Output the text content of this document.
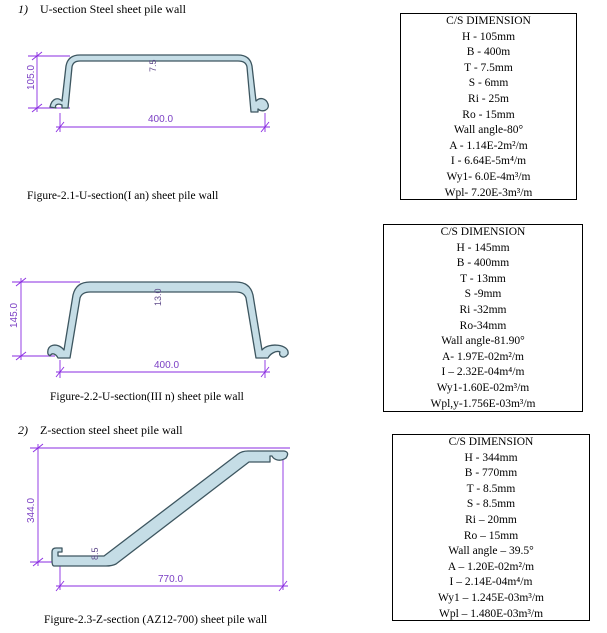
1) U-section Steel sheet pile wall
105.0
400.0
7.5
145.0
400.0
13.0
344.0
770.0
8.5
Figure-2.1-U-section(I an) sheet pile wall
C/S DIMENSION
H - 105mm
B - 400m
T - 7.5mm
S - 6mm
Ri - 25m
Ro - 15mm
Wall angle-80°
A - 1.14E-2m²/m
I - 6.64E-5m⁴/m
Wy1- 6.0E-4m³/m
Wpl- 7.20E-3m³/m
Figure-2.2-U-section(III n) sheet pile wall
C/S DIMENSION
H - 145mm
B - 400mm
T - 13mm
S -9mm
Ri -32mm
Ro-34mm
Wall angle-81.90°
A- 1.97E-02m²/m
I – 2.32E-04m⁴/m
Wy1-1.60E-02m³/m
Wpl,y-1.756E-03m³/m
2) Z-section steel sheet pile wall
Figure-2.3-Z-section (AZ12-700) sheet pile wall
C/S DIMENSION
H - 344mm
B - 770mm
T - 8.5mm
S - 8.5mm
Ri – 20mm
Ro – 15mm
Wall angle – 39.5°
A – 1.20E-02m²/m
I – 2.14E-04m⁴/m
Wy1 – 1.245E-03m³/m
Wpl – 1.480E-03m³/m
